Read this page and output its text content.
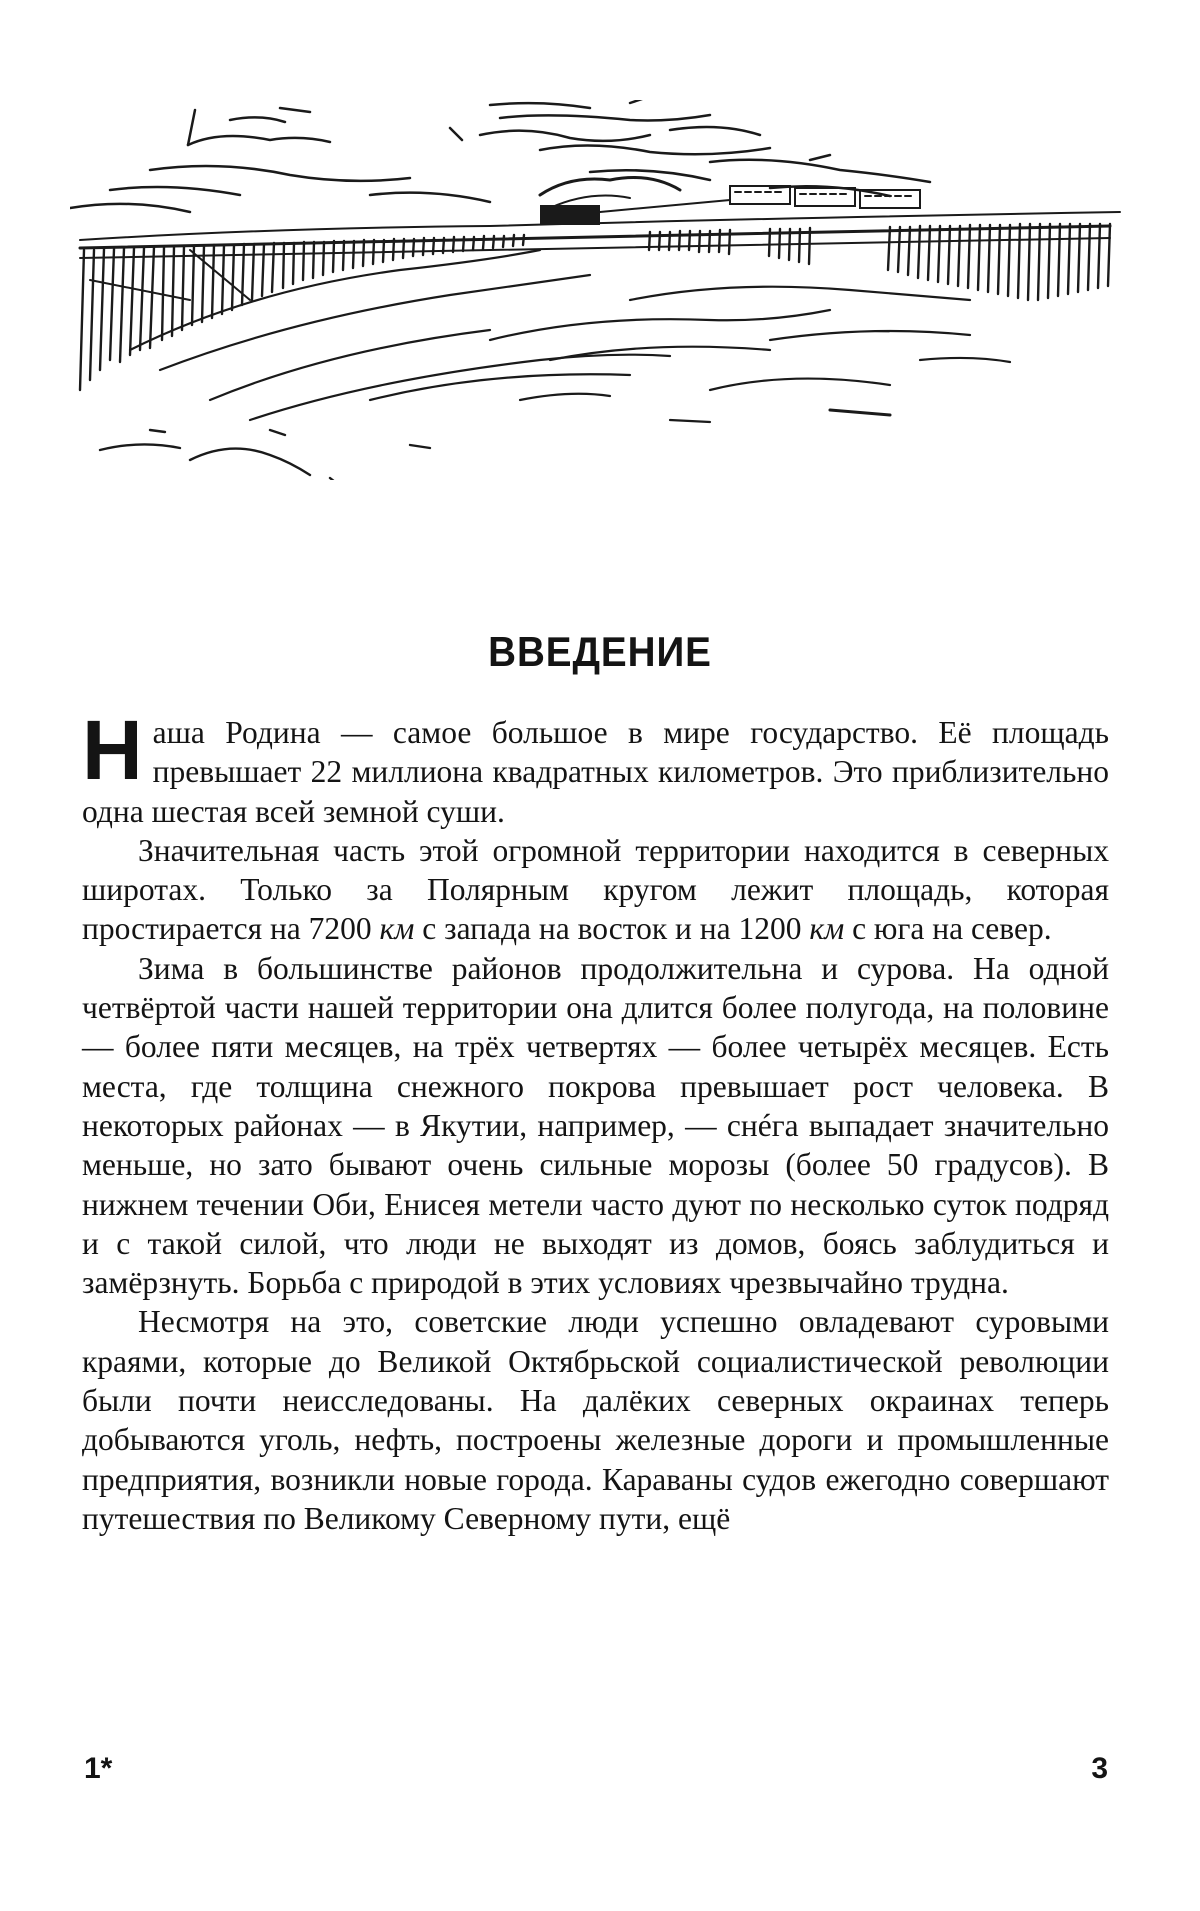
ВВЕДЕНИЕ

Н аша Родина — самое большое в мире государство. Её площадь превышает 22 миллиона квадратных километров. Это приблизительно одна шестая всей земной суши.

Значительная часть этой огромной территории находится в северных широтах. Только за Полярным кругом лежит площадь, которая простирается на 7200 км с запада на восток и на 1200 км с юга на север.

Зима в большинстве районов продолжительна и сурова. На одной четвёртой части нашей территории она длится более полугода, на половине — более пяти месяцев, на трёх четвертях — более четырёх месяцев. Есть места, где толщина снежного покрова превышает рост человека. В некоторых районах — в Якутии, например, — снéга выпадает значительно меньше, но зато бывают очень сильные морозы (более 50 градусов). В нижнем течении Оби, Енисея метели часто дуют по несколько суток подряд и с такой силой, что люди не выходят из домов, боясь заблудиться и замёрзнуть. Борьба с природой в этих условиях чрезвычайно трудна.

Несмотря на это, советские люди успешно овладевают суровыми краями, которые до Великой Октябрьской социалистической революции были почти неисследованы. На далёких северных окраинах теперь добываются уголь, нефть, построены железные дороги и промышленные предприятия, возникли новые города. Караваны судов ежегодно совершают путешествия по Великому Северному пути, ещё

1*	3
